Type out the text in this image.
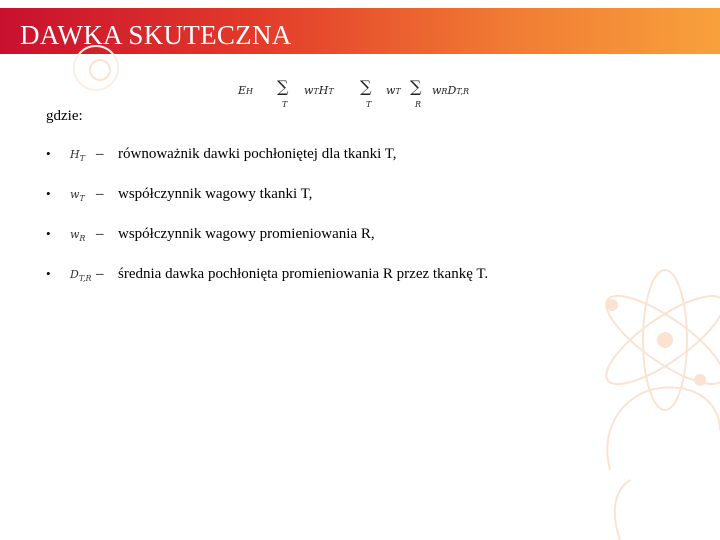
DAWKA SKUTECZNA
EH ∑
T
wTHT ∑
T
wT ∑
R
wRDT,R
gdzie:
• $H_T$ – równoważnik dawki pochłoniętej dla tkanki T,
• $w_T$ – współczynnik wagowy tkanki T,
• $w_R$ – współczynnik wagowy promieniowania R,
• $D_{T,R}$ – średnia dawka pochłonięta promieniowania R przez tkankę T.
